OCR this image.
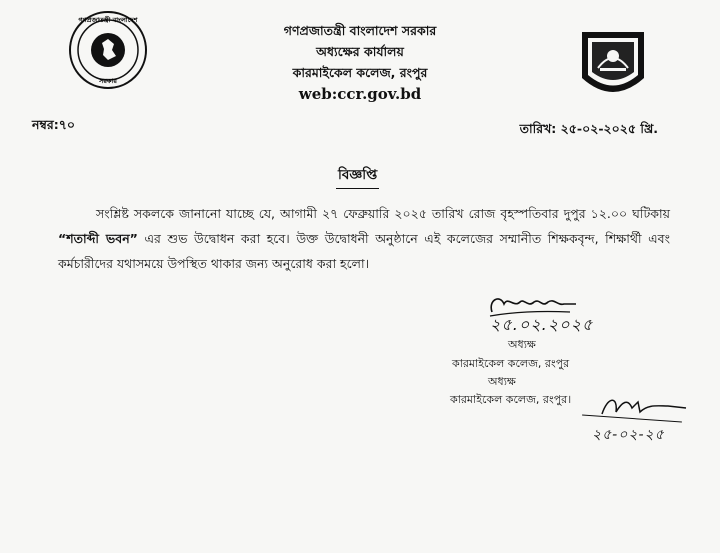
গণপ্রজাতন্ত্রী বাংলাদেশ
সরকার
গণপ্রজাতন্ত্রী বাংলাদেশ সরকার
অধ্যক্ষের কার্যালয়
কারমাইকেল কলেজ, রংপুর
web:ccr.gov.bd
নম্বর:৭০	তারিখ: ২৫-০২-২০২৫ খ্রি.
বিজ্ঞপ্তি
সংশ্লিষ্ট সকলকে জানানো যাচ্ছে যে, আগামী ২৭ ফেব্রুয়ারি ২০২৫ তারিখ রোজ বৃহস্পতিবার দুপুর ১২.০০ ঘটিকায় “শতাব্দী ভবন” এর শুভ উদ্বোধন করা হবে। উক্ত উদ্বোধনী অনুষ্ঠানে এই কলেজের সম্মানীত শিক্ষকবৃন্দ, শিক্ষার্থী এবং কর্মচারীদের যথাসময়ে উপস্থিত থাকার জন্য অনুরোধ করা হলো।
২৫.০২.২০২৫
অধ্যক্ষ
কারমাইকেল কলেজ, রংপুর
অধ্যক্ষ
কারমাইকেল কলেজ, রংপুর।
২৫-০২-২৫
